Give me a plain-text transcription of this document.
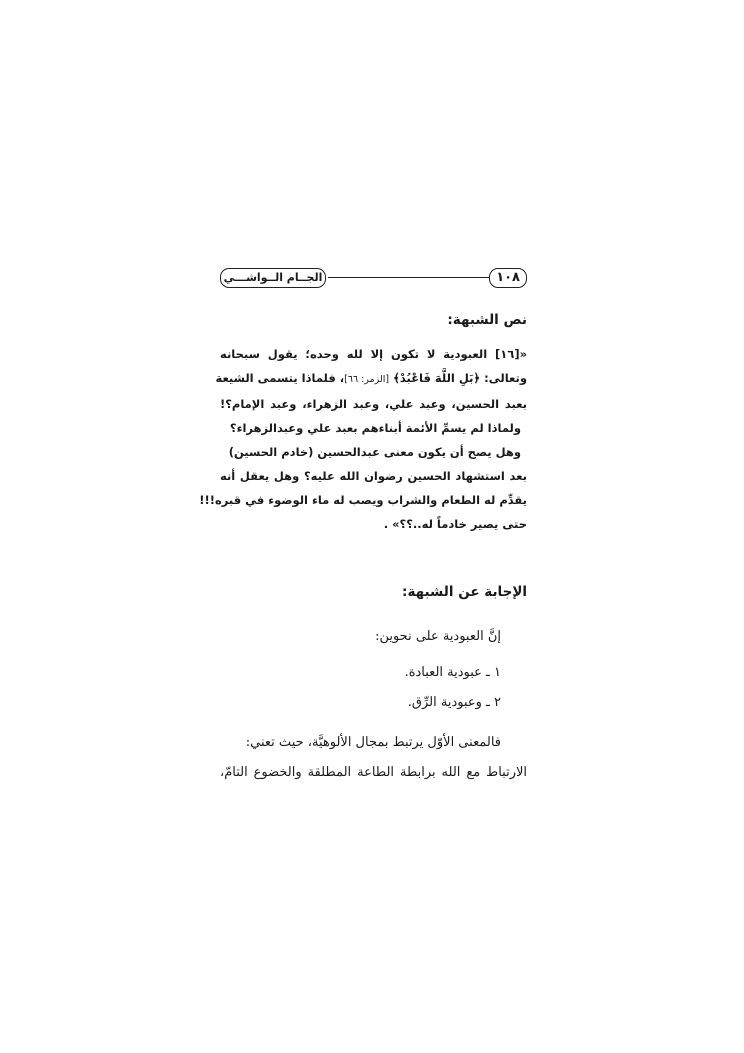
١٠٨
الجــام الــواشـــي
نص الشبهة:

«[١٦] العبودية لا تكون إلا لله وحده؛ يقول سبحانه

وتعالى: ﴿بَلِ اللَّهَ فَاعْبُدْ﴾ [الزمر: ٦٦]، فلماذا يتسمى الشيعة

بعبد الحسين، وعبد علي، وعبد الزهراء، وعبد الإمام؟!

ولماذا لم يسمِّ الأئمة أبناءهم بعبد علي وعبدالزهراء؟

وهل يصح أن يكون معنى عبدالحسين (خادم الحسين)

بعد استشهاد الحسين رضوان الله عليه؟ وهل يعقل أنه

يقدِّم له الطعام والشراب ويصب له ماء الوضوء في قبره!!!

حتى يصير خادماً له..؟؟» .

الإجابة عن الشبهة:

إنَّ العبودية على نحوين:

١ ـ عبودية العبادة.

٢ ـ وعبودية الرِّق.

فالمعنى الأوّل يرتبط بمجال الألوهيَّة، حيث تعني:

الارتباط مع الله برابطة الطاعة المطلقة والخضوع التامّ،
